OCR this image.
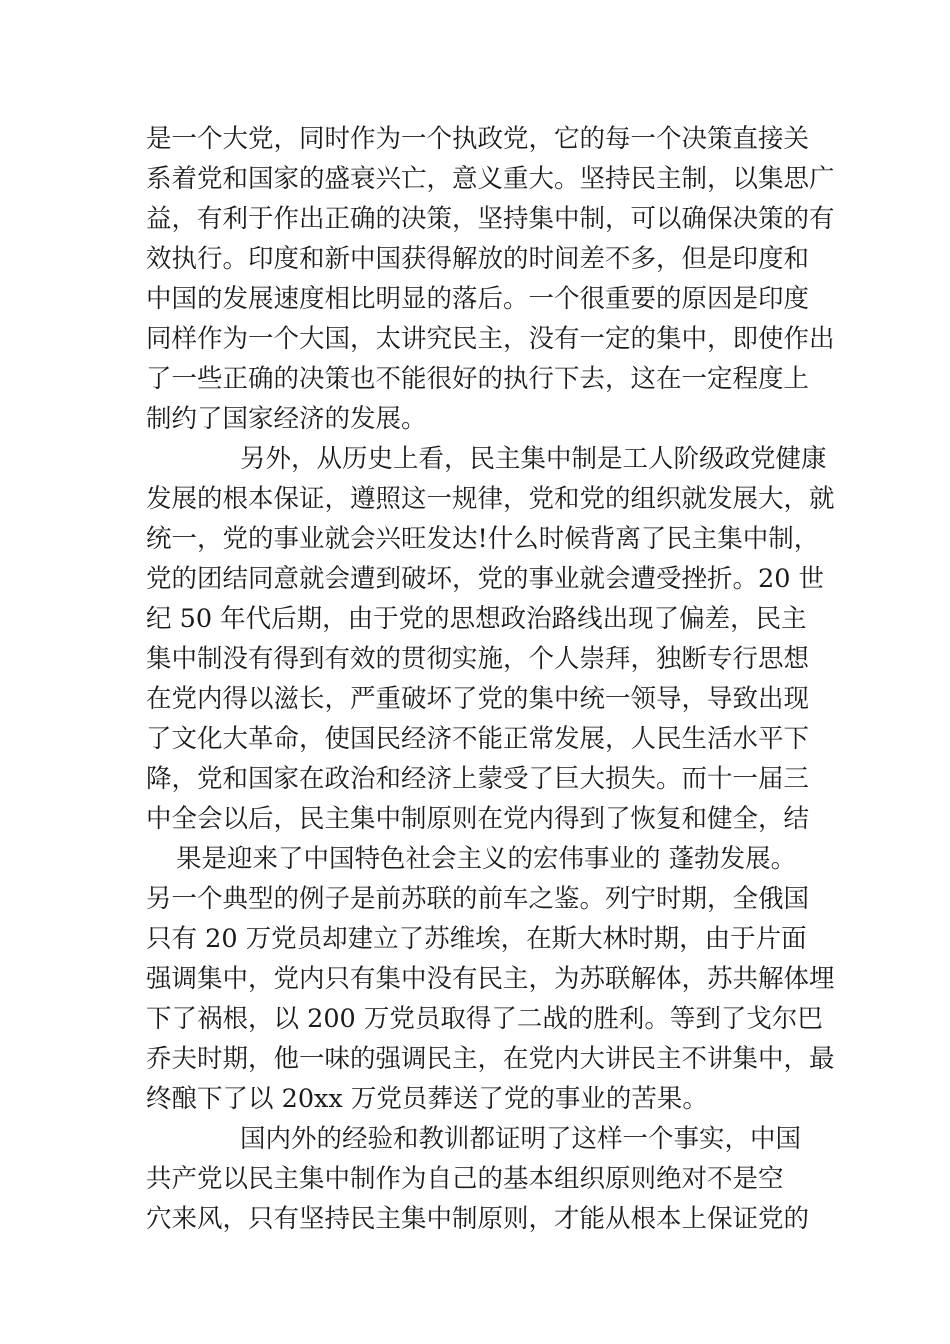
是一个大党，同时作为一个执政党，它的每一个决策直接关
系着党和国家的盛衰兴亡，意义重大。坚持民主制，以集思广
益，有利于作出正确的决策，坚持集中制，可以确保决策的有
效执行。印度和新中国获得解放的时间差不多，但是印度和
中国的发展速度相比明显的落后。一个很重要的原因是印度
同样作为一个大国，太讲究民主，没有一定的集中，即使作出
了一些正确的决策也不能很好的执行下去，这在一定程度上
制约了国家经济的发展。
另外，从历史上看，民主集中制是工人阶级政党健康
发展的根本保证，遵照这一规律，党和党的组织就发展大，就
统一，党的事业就会兴旺发达!什么时候背离了民主集中制，
党的团结同意就会遭到破坏，党的事业就会遭受挫折。20 世
纪 50 年代后期，由于党的思想政治路线出现了偏差，民主
集中制没有得到有效的贯彻实施，个人崇拜，独断专行思想
在党内得以滋长，严重破坏了党的集中统一领导，导致出现
了文化大革命，使国民经济不能正常发展，人民生活水平下
降，党和国家在政治和经济上蒙受了巨大损失。而十一届三
中全会以后，民主集中制原则在党内得到了恢复和健全，结
果是迎来了中国特色社会主义的宏伟事业的 蓬勃发展。
另一个典型的例子是前苏联的前车之鉴。列宁时期，全俄国
只有 20 万党员却建立了苏维埃，在斯大林时期，由于片面
强调集中，党内只有集中没有民主，为苏联解体，苏共解体埋
下了祸根，以 200 万党员取得了二战的胜利。等到了戈尔巴
乔夫时期，他一味的强调民主，在党内大讲民主不讲集中，最
终酿下了以 20xx 万党员葬送了党的事业的苦果。
国内外的经验和教训都证明了这样一个事实，中国
共产党以民主集中制作为自己的基本组织原则绝对不是空
穴来风，只有坚持民主集中制原则，才能从根本上保证党的
